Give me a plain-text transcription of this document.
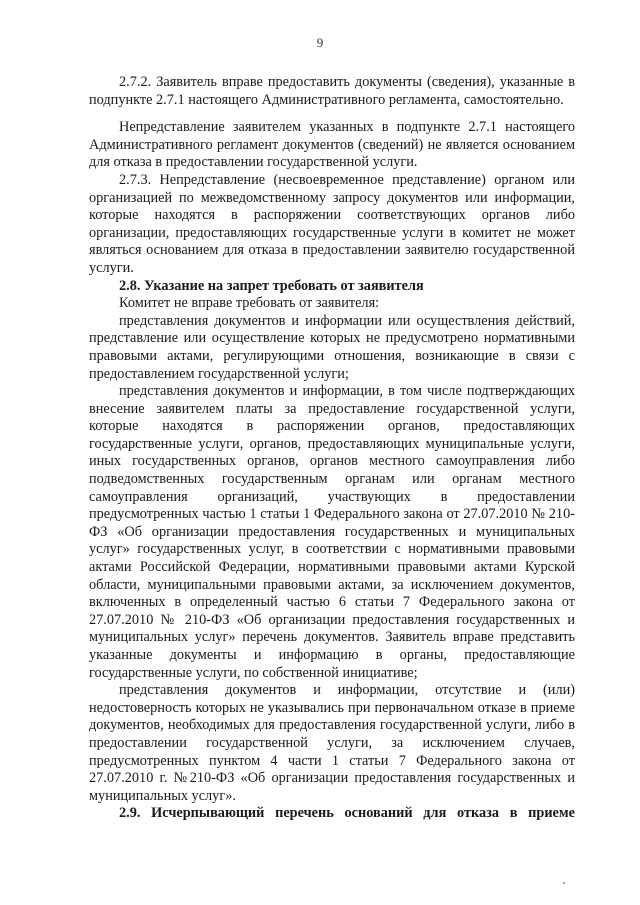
9

2.7.2. Заявитель вправе предоставить документы (сведения), указанные в подпункте 2.7.1 настоящего Административного регламента, самостоятельно.

Непредставление заявителем указанных в подпункте 2.7.1 настоящего Административного регламент документов (сведений) не является основанием для отказа в предоставлении государственной услуги.

2.7.3. Непредставление (несвоевременное представление) органом или организацией по межведомственному запросу документов или информации, которые находятся в распоряжении соответствующих органов либо организации, предоставляющих государственные услуги в комитет не может являться основанием для отказа в предоставлении заявителю государственной услуги.

2.8. Указание на запрет требовать от заявителя

Комитет не вправе требовать от заявителя:

представления документов и информации или осуществления действий, представление или осуществление которых не предусмотрено нормативными правовыми актами, регулирующими отношения, возникающие в связи с предоставлением государственной услуги;

представления документов и информации, в том числе подтверждающих внесение заявителем платы за предоставление государственной услуги, которые находятся в распоряжении органов, предоставляющих государственные услуги, органов, предоставляющих муниципальные услуги, иных государственных органов, органов местного самоуправления либо подведомственных государственным органам или органам местного самоуправления организаций, участвующих в предоставлении предусмотренных частью 1 статьи 1 Федерального закона от 27.07.2010 № 210-ФЗ «Об организации предоставления государственных и муниципальных услуг» государственных услуг, в соответствии с нормативными правовыми актами Российской Федерации, нормативными правовыми актами Курской области, муниципальными правовыми актами, за исключением документов, включенных в определенный частью 6 статьи 7 Федерального закона от 27.07.2010 № 210-ФЗ «Об организации предоставления государственных и муниципальных услуг» перечень документов. Заявитель вправе представить указанные документы и информацию в органы, предоставляющие государственные услуги, по собственной инициативе;

представления документов и информации, отсутствие и (или) недостоверность которых не указывались при первоначальном отказе в приеме документов, необходимых для предоставления государственной услуги, либо в предоставлении государственной услуги, за исключением случаев, предусмотренных пунктом 4 части 1 статьи 7 Федерального закона от 27.07.2010 г. №210-ФЗ «Об организации предоставления государственных и муниципальных услуг».

2.9. Исчерпывающий перечень оснований для отказа в приеме
